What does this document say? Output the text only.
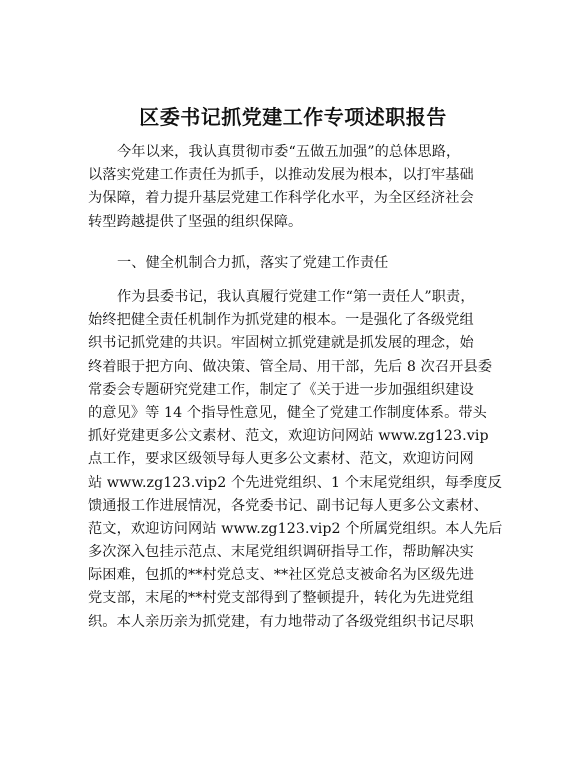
区委书记抓党建工作专项述职报告
今年以来，我认真贯彻市委“五做五加强”的总体思路，
以落实党建工作责任为抓手，以推动发展为根本，以打牢基础
为保障，着力提升基层党建工作科学化水平，为全区经济社会
转型跨越提供了坚强的组织保障。
一、健全机制合力抓，落实了党建工作责任
作为县委书记，我认真履行党建工作“第一责任人”职责，
始终把健全责任机制作为抓党建的根本。一是强化了各级党组
织书记抓党建的共识。牢固树立抓党建就是抓发展的理念，始
终着眼于把方向、做决策、管全局、用干部，先后 8 次召开县委
常委会专题研究党建工作，制定了《关于进一步加强组织建设
的意见》等 14 个指导性意见，健全了党建工作制度体系。带头
抓好党建更多公文素材、范文，欢迎访问网站 www.zg123.vip
点工作，要求区级领导每人更多公文素材、范文，欢迎访问网
站 www.zg123.vip2 个先进党组织、1 个末尾党组织，每季度反
馈通报工作进展情况，各党委书记、副书记每人更多公文素材、
范文，欢迎访问网站 www.zg123.vip2 个所属党组织。本人先后
多次深入包挂示范点、末尾党组织调研指导工作，帮助解决实
际困难，包抓的**村党总支、**社区党总支被命名为区级先进
党支部，末尾的**村党支部得到了整顿提升，转化为先进党组
织。本人亲历亲为抓党建，有力地带动了各级党组织书记尽职
